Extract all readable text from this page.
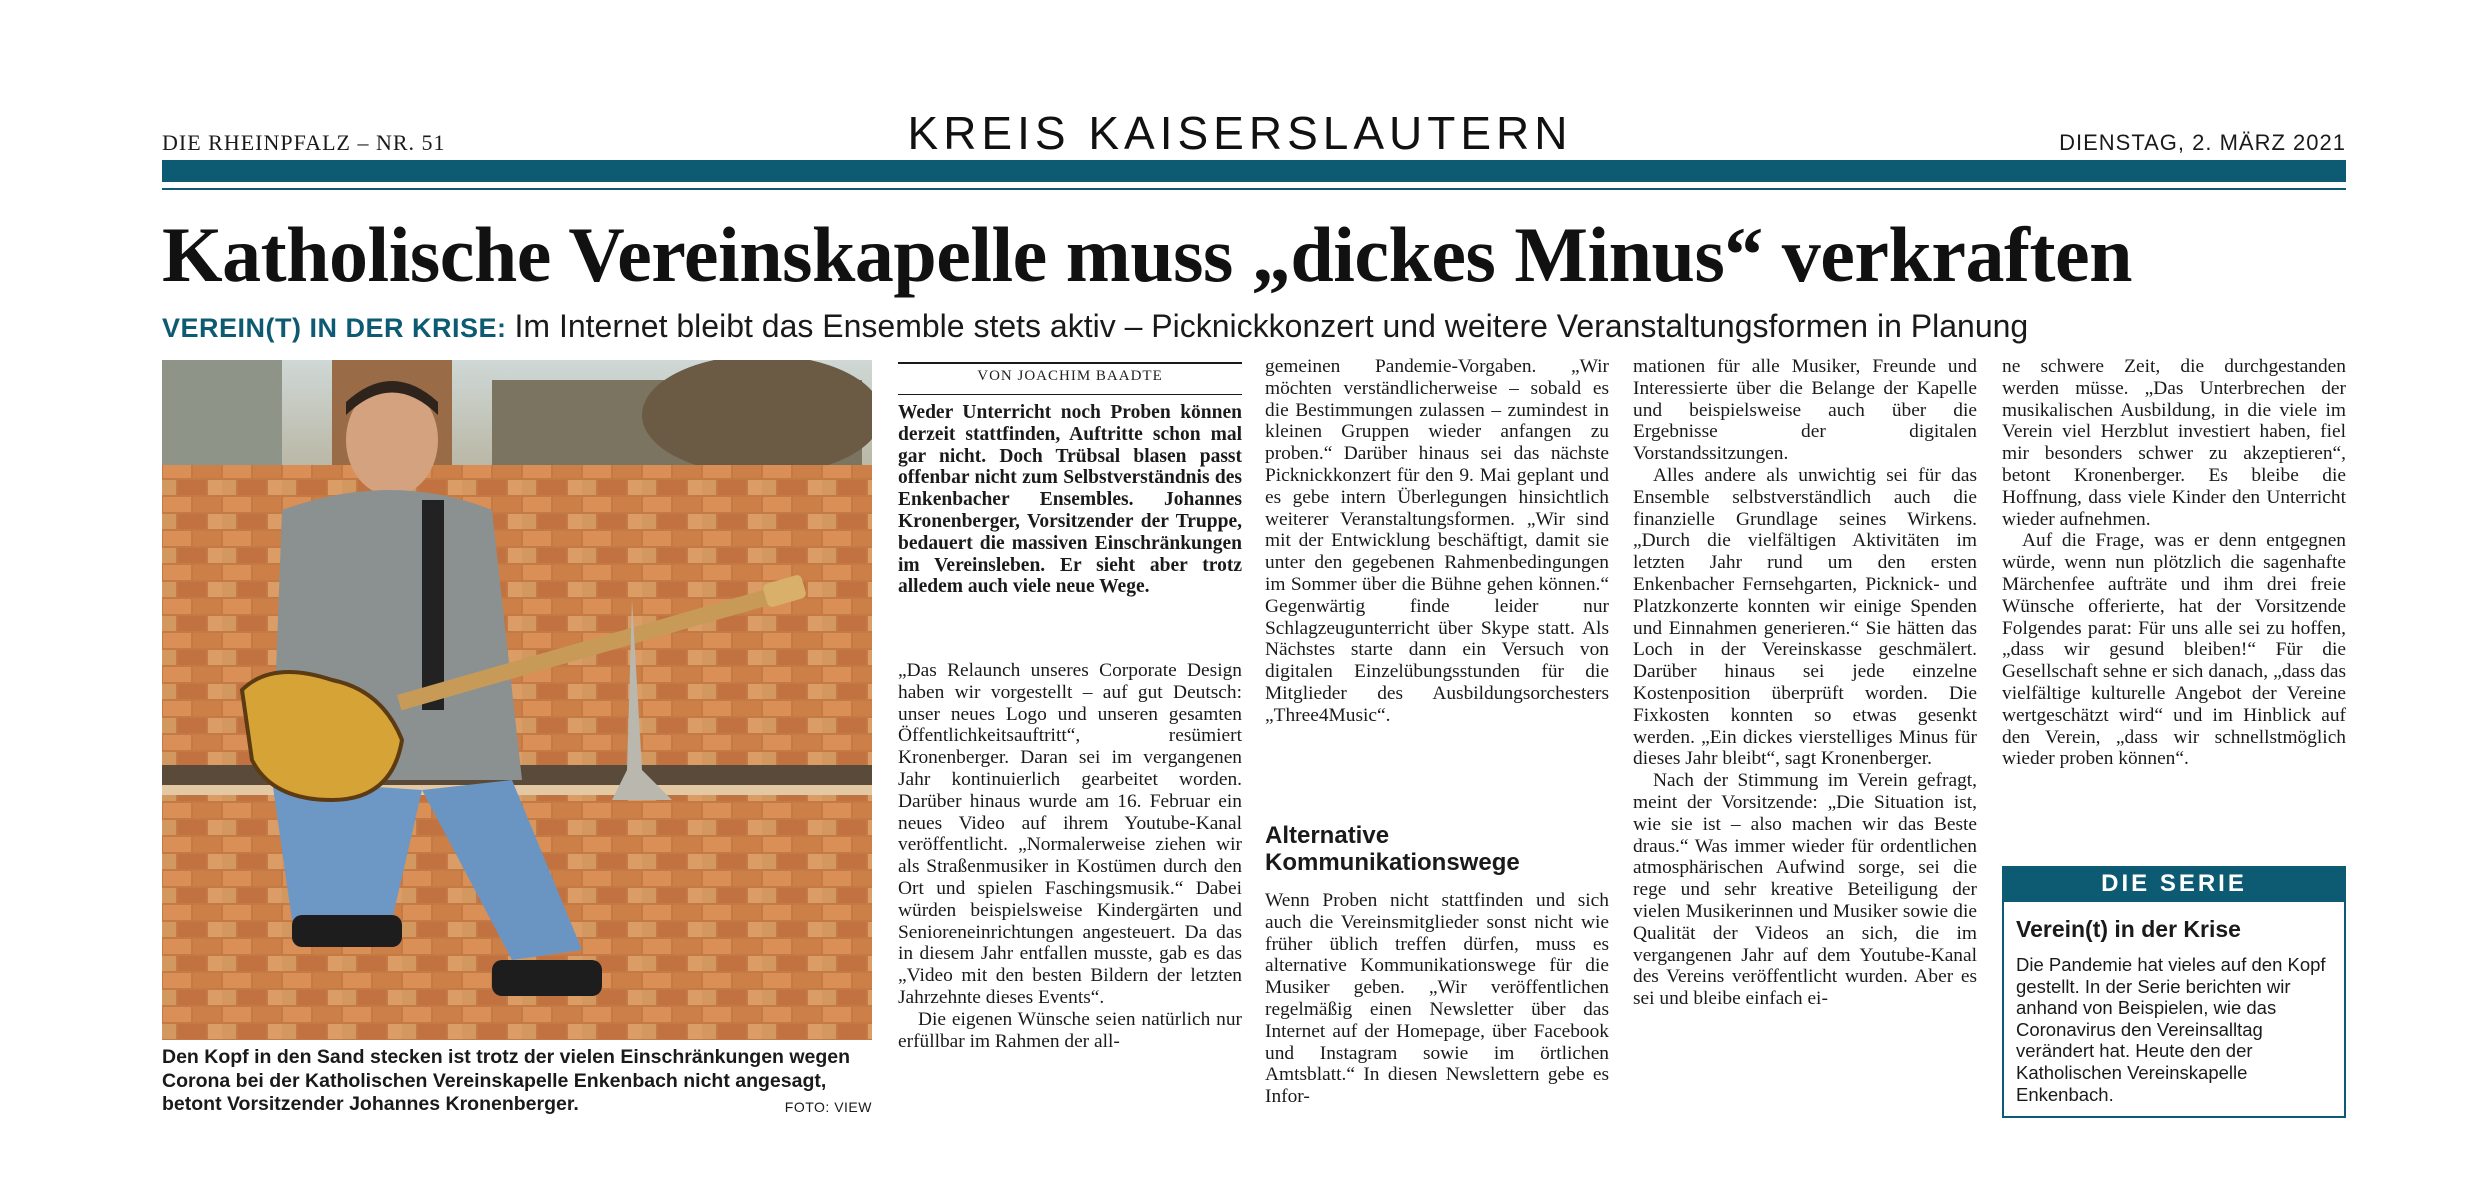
DIE RHEINPFALZ – NR. 51	KREIS KAISERSLAUTERN	DIENSTAG, 2. MÄRZ 2021
Katholische Vereinskapelle muss „dickes Minus“ verkraften
VEREIN(T) IN DER KRISE: Im Internet bleibt das Ensemble stets aktiv – Picknickkonzert und weitere Veranstaltungsformen in Planung
Den Kopf in den Sand stecken ist trotz der vielen Einschränkungen wegen Corona bei der Katholischen Vereinskapelle Enkenbach nicht angesagt, betont Vorsitzender Johannes Kronenberger.	FOTO: VIEW
VON JOACHIM BAADTE
Weder Unterricht noch Proben können derzeit stattfinden, Auftritte schon mal gar nicht. Doch Trübsal blasen passt offenbar nicht zum Selbstverständnis des Enkenbacher Ensembles. Johannes Kronenberger, Vorsitzender der Truppe, bedauert die massiven Einschränkungen im Vereinsleben. Er sieht aber trotz alledem auch viele neue Wege.

„Das Relaunch unseres Corporate Design haben wir vorgestellt – auf gut Deutsch: unser neues Logo und unseren gesamten Öffentlichkeitsauftritt“, resümiert Kronenberger. Daran sei im vergangenen Jahr kontinuierlich gearbeitet worden. Darüber hinaus wurde am 16. Februar ein neues Video auf ihrem Youtube-Kanal veröffentlicht. „Normalerweise ziehen wir als Straßenmusiker in Kostümen durch den Ort und spielen Faschingsmusik.“ Dabei würden beispielsweise Kindergärten und Senioreneinrichtungen angesteuert. Da das in diesem Jahr entfallen musste, gab es das „Video mit den besten Bildern der letzten Jahrzehnte dieses Events“.

Die eigenen Wünsche seien natürlich nur erfüllbar im Rahmen der all-

gemeinen Pandemie-Vorgaben. „Wir möchten verständlicherweise – sobald es die Bestimmungen zulassen – zumindest in kleinen Gruppen wieder anfangen zu proben.“ Darüber hinaus sei das nächste Picknickkonzert für den 9. Mai geplant und es gebe intern Überlegungen hinsichtlich weiterer Veranstaltungsformen. „Wir sind mit der Entwicklung beschäftigt, damit sie unter den gegebenen Rahmenbedingungen im Sommer über die Bühne gehen können.“ Gegenwärtig finde leider nur Schlagzeugunterricht über Skype statt. Als Nächstes starte dann ein Versuch von digitalen Einzelübungsstunden für die Mitglieder des Ausbildungsorchesters „Three4Music“.

Alternative Kommunikationswege

Wenn Proben nicht stattfinden und sich auch die Vereinsmitglieder sonst nicht wie früher üblich treffen dürfen, muss es alternative Kommunikationswege für die Musiker geben. „Wir veröffentlichen regelmäßig einen Newsletter über das Internet auf der Homepage, über Facebook und Instagram sowie im örtlichen Amtsblatt.“ In diesen Newslettern gebe es Infor-

mationen für alle Musiker, Freunde und Interessierte über die Belange der Kapelle und beispielsweise auch über die Ergebnisse der digitalen Vorstandssitzungen.

Alles andere als unwichtig sei für das Ensemble selbstverständlich auch die finanzielle Grundlage seines Wirkens. „Durch die vielfältigen Aktivitäten im letzten Jahr rund um den ersten Enkenbacher Fernsehgarten, Picknick- und Platzkonzerte konnten wir einige Spenden und Einnahmen generieren.“ Sie hätten das Loch in der Vereinskasse geschmälert. Darüber hinaus sei jede einzelne Kostenposition überprüft worden. Die Fixkosten konnten so etwas gesenkt werden. „Ein dickes vierstelliges Minus für dieses Jahr bleibt“, sagt Kronenberger.

Nach der Stimmung im Verein gefragt, meint der Vorsitzende: „Die Situation ist, wie sie ist – also machen wir das Beste draus.“ Was immer wieder für ordentlichen atmosphärischen Aufwind sorge, sei die rege und sehr kreative Beteiligung der vielen Musikerinnen und Musiker sowie die Qualität der Videos an sich, die im vergangenen Jahr auf dem Youtube-Kanal des Vereins veröffentlicht wurden. Aber es sei und bleibe einfach ei-

ne schwere Zeit, die durchgestanden werden müsse. „Das Unterbrechen der musikalischen Ausbildung, in die viele im Verein viel Herzblut investiert haben, fiel mir besonders schwer zu akzeptieren“, betont Kronenberger. Es bleibe die Hoffnung, dass viele Kinder den Unterricht wieder aufnehmen.

Auf die Frage, was er denn entgegnen würde, wenn nun plötzlich die sagenhafte Märchenfee aufträte und ihm drei freie Wünsche offerierte, hat der Vorsitzende Folgendes parat: Für uns alle sei zu hoffen, „dass wir gesund bleiben!“ Für die Gesellschaft sehne er sich danach, „dass das vielfältige kulturelle Angebot der Vereine wertgeschätzt wird“ und im Hinblick auf den Verein, „dass wir schnellstmöglich wieder proben können“.

DIE SERIE
Verein(t) in der Krise
Die Pandemie hat vieles auf den Kopf gestellt. In der Serie berichten wir anhand von Beispielen, wie das Coronavirus den Vereinsalltag verändert hat. Heute den der Katholischen Vereinskapelle Enkenbach.
